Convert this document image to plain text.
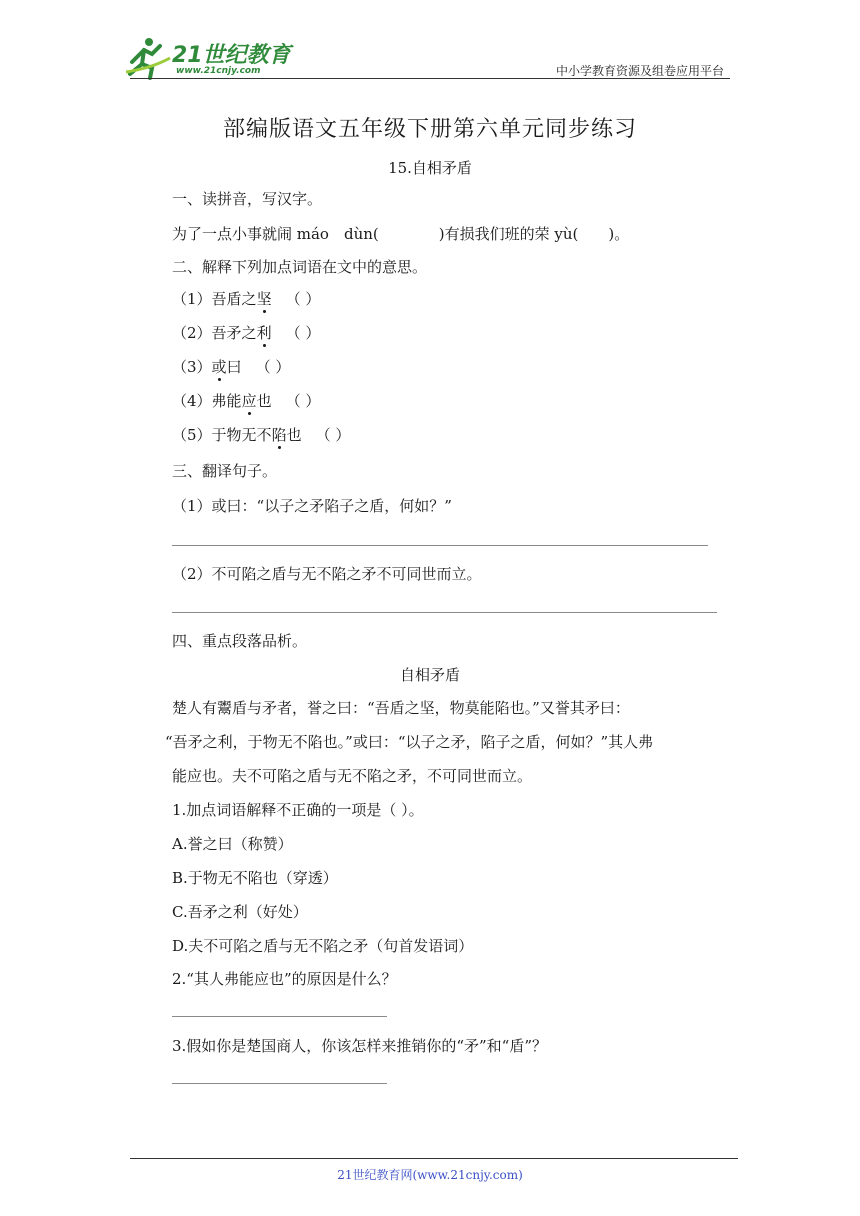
21世纪教育
www.21cnjy.com	中小学教育资源及组卷应用平台
部编版语文五年级下册第六单元同步练习
15.自相矛盾
一、读拼音，写汉字。
为了一点小事就闹 máo　dùn(　　　　)有损我们班的荣 yù(　　)。
二、解释下列加点词语在文中的意思。
（1）吾盾之坚 （ ）
（2）吾矛之利 （ ）
（3）或曰 （ ）
（4）弗能应也 （ ）
（5）于物无不陷也 （ ）
三、翻译句子。
（1）或曰：“以子之矛陷子之盾，何如？”
（2）不可陷之盾与无不陷之矛不可同世而立。
四、重点段落品析。
自相矛盾
楚人有鬻盾与矛者，誉之曰：“吾盾之坚，物莫能陷也。”又誉其矛曰：
“吾矛之利，于物无不陷也。”或曰：“以子之矛，陷子之盾，何如？”其人弗
能应也。夫不可陷之盾与无不陷之矛，不可同世而立。
1.加点词语解释不正确的一项是（ ）。
A.誉之曰（称赞）
B.于物无不陷也（穿透）
C.吾矛之利（好处）
D.夫不可陷之盾与无不陷之矛（句首发语词）
2.“其人弗能应也”的原因是什么？
3.假如你是楚国商人，你该怎样来推销你的“矛”和“盾”？
21世纪教育网(www.21cnjy.com)
